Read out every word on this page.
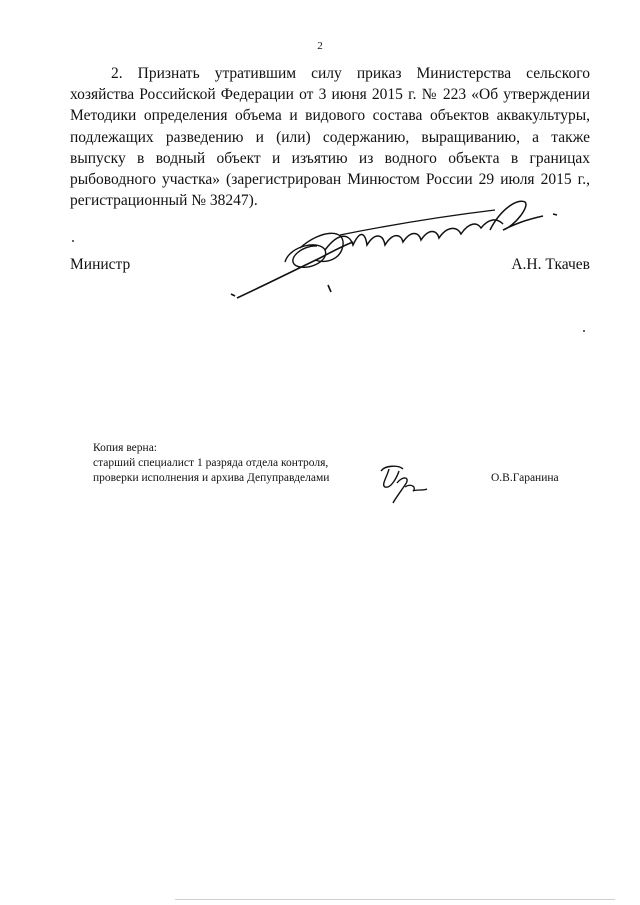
2

2. Признать утратившим силу приказ Министерства сельского хозяйства Российской Федерации от 3 июня 2015 г. № 223 «Об утверждении Методики определения объема и видового состава объектов аквакультуры, подлежащих разведению и (или) содержанию, выращиванию, а также выпуску в водный объект и изъятию из водного объекта в границах рыбоводного участка» (зарегистрирован Минюстом России 29 июля 2015 г., регистрационный № 38247).

Министр	А.Н. Ткачев
Копия верна:
старший специалист 1 разряда отдела контроля,
проверки исполнения и архива Депуправделами	О.В.Гаранина
